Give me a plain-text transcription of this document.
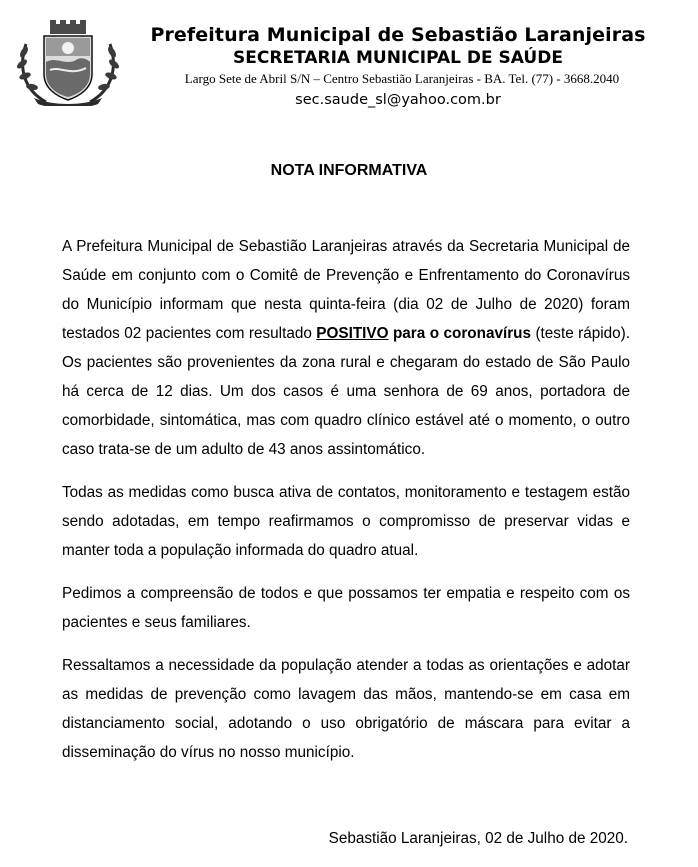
Prefeitura Municipal de Sebastião Laranjeiras
SECRETARIA MUNICIPAL DE SAÚDE
Largo Sete de Abril S/N – Centro Sebastião Laranjeiras - BA. Tel. (77) - 3668.2040
sec.saude_sl@yahoo.com.br
NOTA INFORMATIVA

A Prefeitura Municipal de Sebastião Laranjeiras através da Secretaria Municipal de Saúde em conjunto com o Comitê de Prevenção e Enfrentamento do Coronavírus do Município informam que nesta quinta-feira (dia 02 de Julho de 2020) foram testados 02 pacientes com resultado POSITIVO para o coronavírus (teste rápido). Os pacientes são provenientes da zona rural e chegaram do estado de São Paulo há cerca de 12 dias. Um dos casos é uma senhora de 69 anos, portadora de comorbidade, sintomática, mas com quadro clínico estável até o momento, o outro caso trata-se de um adulto de 43 anos assintomático.

Todas as medidas como busca ativa de contatos, monitoramento e testagem estão sendo adotadas, em tempo reafirmamos o compromisso de preservar vidas e manter toda a população informada do quadro atual.

Pedimos a compreensão de todos e que possamos ter empatia e respeito com os pacientes e seus familiares.

Ressaltamos a necessidade da população atender a todas as orientações e adotar as medidas de prevenção como lavagem das mãos, mantendo-se em casa em distanciamento social, adotando o uso obrigatório de máscara para evitar a disseminação do vírus no nosso município.

Sebastião Laranjeiras, 02 de Julho de 2020.
